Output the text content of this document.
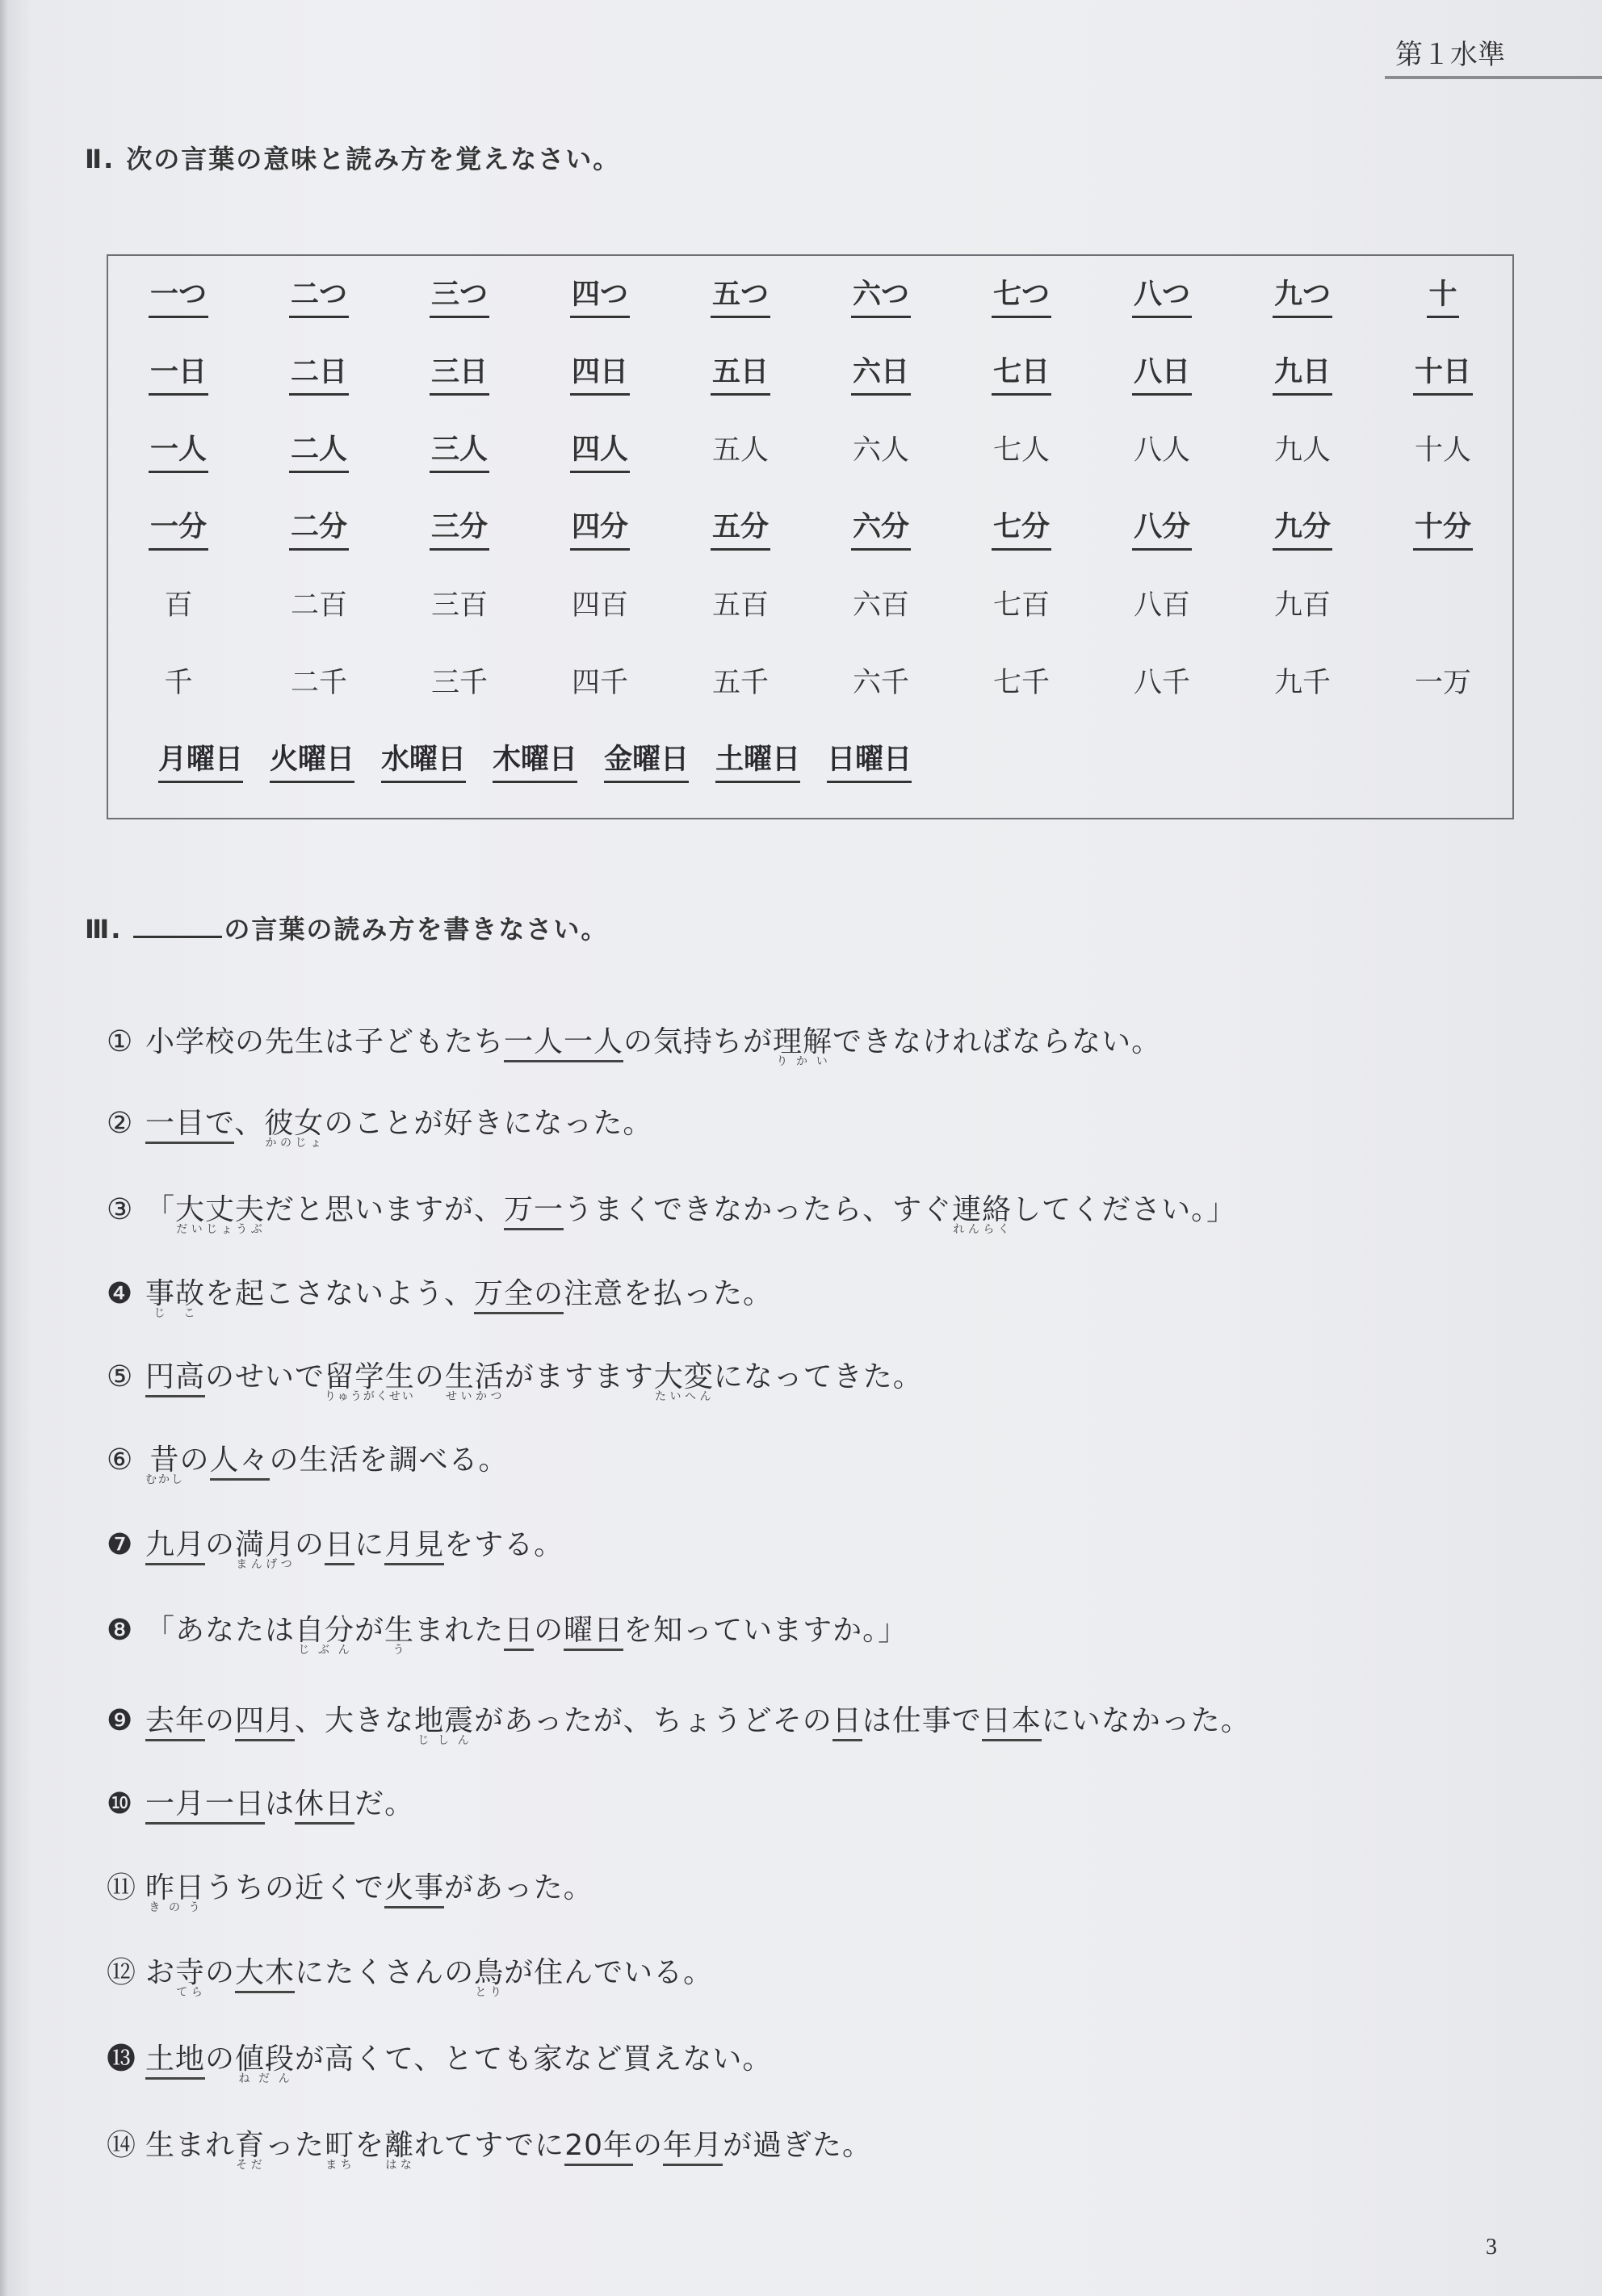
第１水準
Ⅱ. 次の言葉の意味と読み方を覚えなさい。
一つ	二つ	三つ	四つ	五つ	六つ	七つ	八つ	九つ	十
一日	二日	三日	四日	五日	六日	七日	八日	九日	十日
一人	二人	三人	四人	五人	六人	七人	八人	九人	十人
一分	二分	三分	四分	五分	六分	七分	八分	九分	十分
百	二百	三百	四百	五百	六百	七百	八百	九百
千	二千	三千	四千	五千	六千	七千	八千	九千	一万
月曜日 火曜日 水曜日 木曜日 金曜日 土曜日 日曜日
Ⅲ.	の言葉の読み方を書きなさい。
① 小学校の先生は子どもたち一人一人の気持ちが理解りかいできなければならない。
② 一目で、彼女かのじょのことが好きになった。
③ 「大丈夫だいじょうぶだと思いますが、万一うまくできなかったら、すぐ連絡れんらくしてください。」
❹ 事故じこを起こさないよう、万全の注意を払った。
⑤ 円高のせいで留学生りゅうがくせいの生活せいかつがますます大変たいへんになってきた。
⑥ 昔むかしの人々の生活を調べる。
❼ 九月の満月まんげつの日に月見をする。
❽ 「あなたは自分じぶんが生うまれた日の曜日を知っていますか。」
❾ 去年の四月、大きな地震じしんがあったが、ちょうどその日は仕事で日本にいなかった。
❿ 一月一日は休日だ。
⑪ 昨日きのううちの近くで火事があった。
⑫ お寺てらの大木にたくさんの鳥とりが住んでいる。
⓭ 土地の値段ねだんが高くて、とても家など買えない。
⑭ 生まれ育そだった町まちを離はなれてすでに20年の年月が過ぎた。
3
